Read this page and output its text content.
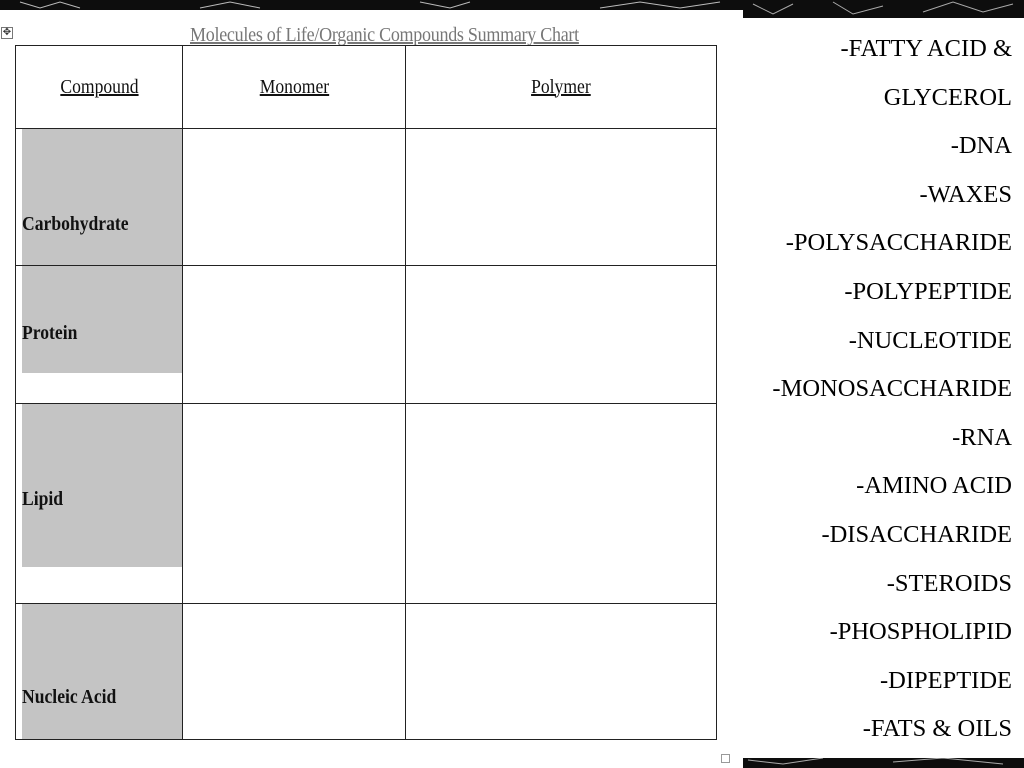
✥	Molecules of Life/Organic Compounds Summary Chart
Compound	Monomer	Polymer

Carbohydrate		

Protein		

Lipid		

Nucleic Acid		

-FATTY ACID &
GLYCEROL
-DNA
-WAXES
-POLYSACCHARIDE
-POLYPEPTIDE
-NUCLEOTIDE
-MONOSACCHARIDE
-RNA
-AMINO ACID
-DISACCHARIDE
-STEROIDS
-PHOSPHOLIPID
-DIPEPTIDE
-FATS & OILS
